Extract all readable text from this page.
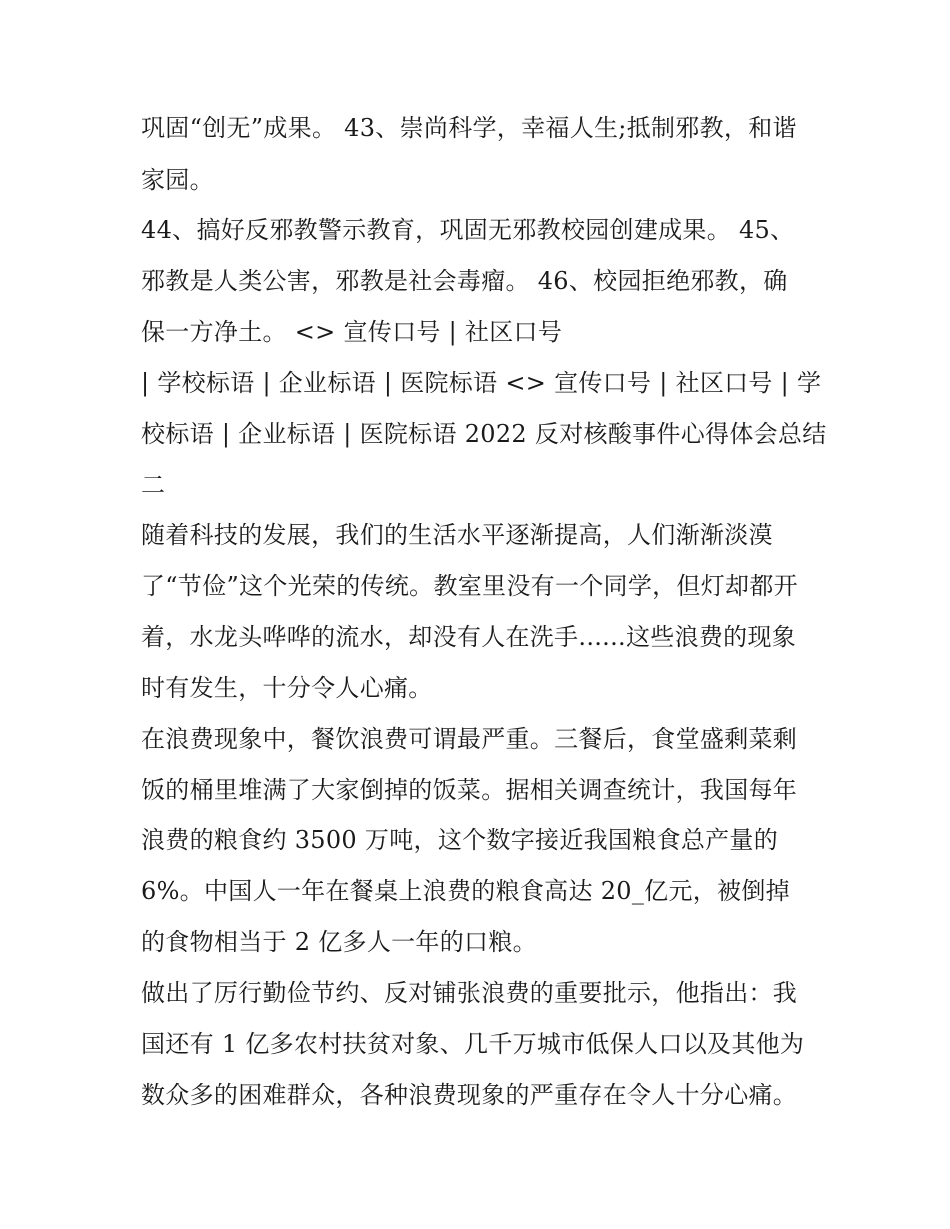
巩固“创无”成果。 43、崇尚科学，幸福人生;抵制邪教，和谐
家园。
44、搞好反邪教警示教育，巩固无邪教校园创建成果。 45、
邪教是人类公害，邪教是社会毒瘤。 46、校园拒绝邪教，确
保一方净土。 <> 宣传口号 | 社区口号
| 学校标语 | 企业标语 | 医院标语 <> 宣传口号 | 社区口号 | 学
校标语 | 企业标语 | 医院标语 2022 反对核酸事件心得体会总结
二
随着科技的发展，我们的生活水平逐渐提高，人们渐渐淡漠
了“节俭”这个光荣的传统。教室里没有一个同学，但灯却都开
着，水龙头哗哗的流水，却没有人在洗手......这些浪费的现象
时有发生，十分令人心痛。
在浪费现象中，餐饮浪费可谓最严重。三餐后，食堂盛剩菜剩
饭的桶里堆满了大家倒掉的饭菜。据相关调查统计，我国每年
浪费的粮食约 3500 万吨，这个数字接近我国粮食总产量的
6%。中国人一年在餐桌上浪费的粮食高达 20_亿元，被倒掉
的食物相当于 2 亿多人一年的口粮。
做出了厉行勤俭节约、反对铺张浪费的重要批示，他指出：我
国还有 1 亿多农村扶贫对象、几千万城市低保人口以及其他为
数众多的困难群众，各种浪费现象的严重存在令人十分心痛。
